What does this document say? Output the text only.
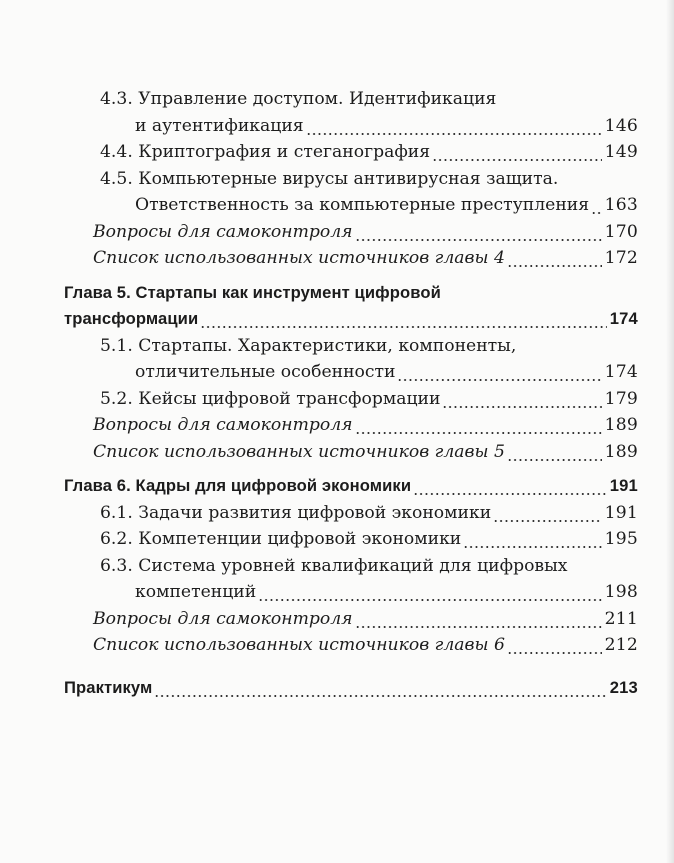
4.3. Управление доступом. Идентификация
и аутентификация	146
4.4. Криптография и стеганография	149
4.5. Компьютерные вирусы антивирусная защита.
Ответственность за компьютерные преступления 163
Вопросы для самоконтроля	170
Список использованных источников главы 4	172
Глава 5. Стартапы как инструмент цифровой
трансформации	174
5.1. Стартапы. Характеристики, компоненты,
отличительные особенности	174
5.2. Кейсы цифровой трансформации	179
Вопросы для самоконтроля	189
Список использованных источников главы 5	189
Глава 6. Кадры для цифровой экономики	191
6.1. Задачи развития цифровой экономики	191
6.2. Компетенции цифровой экономики	195
6.3. Система уровней квалификаций для цифровых
компетенций	198
Вопросы для самоконтроля	211
Список использованных источников главы 6	212
Практикум	213
